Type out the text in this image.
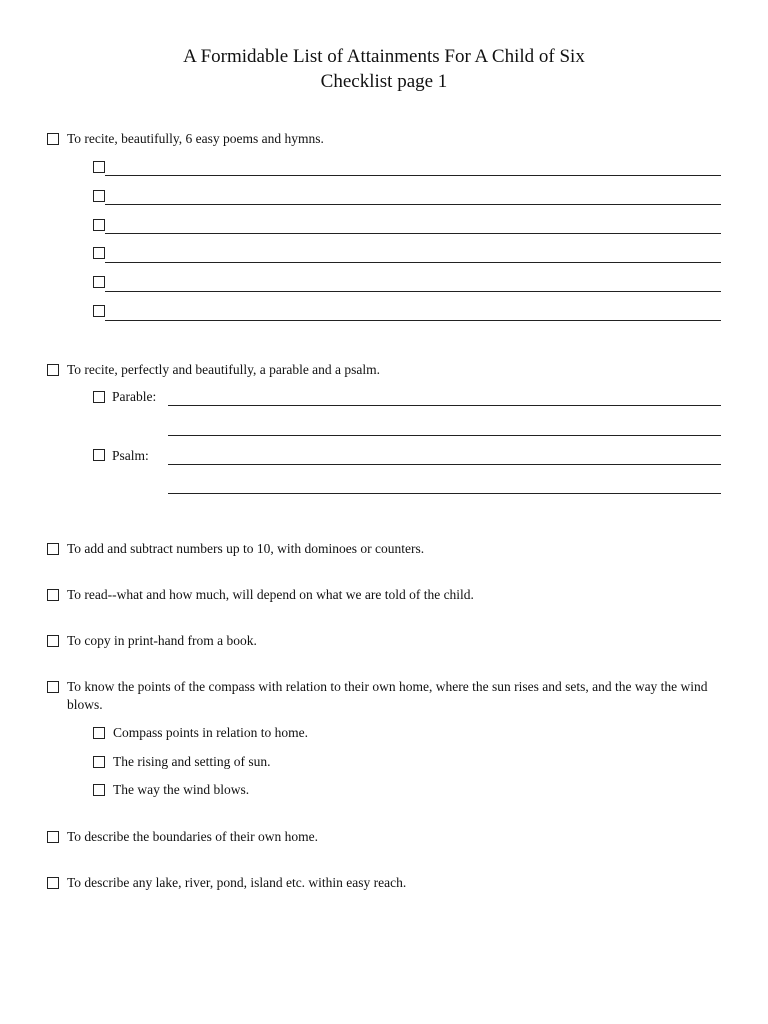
A Formidable List of Attainments For A Child of Six
Checklist page 1
To recite, beautifully, 6 easy poems and hymns.
To recite, perfectly and beautifully, a parable and a psalm.
Parable:
Psalm:
To add and subtract numbers up to 10, with dominoes or counters.
To read--what and how much, will depend on what we are told of the child.
To copy in print-hand from a book.
To know the points of the compass with relation to their own home, where the sun rises and sets, and the way the wind blows.
Compass points in relation to home.
The rising and setting of sun.
The way the wind blows.
To describe the boundaries of their own home.
To describe any lake, river, pond, island etc. within easy reach.
